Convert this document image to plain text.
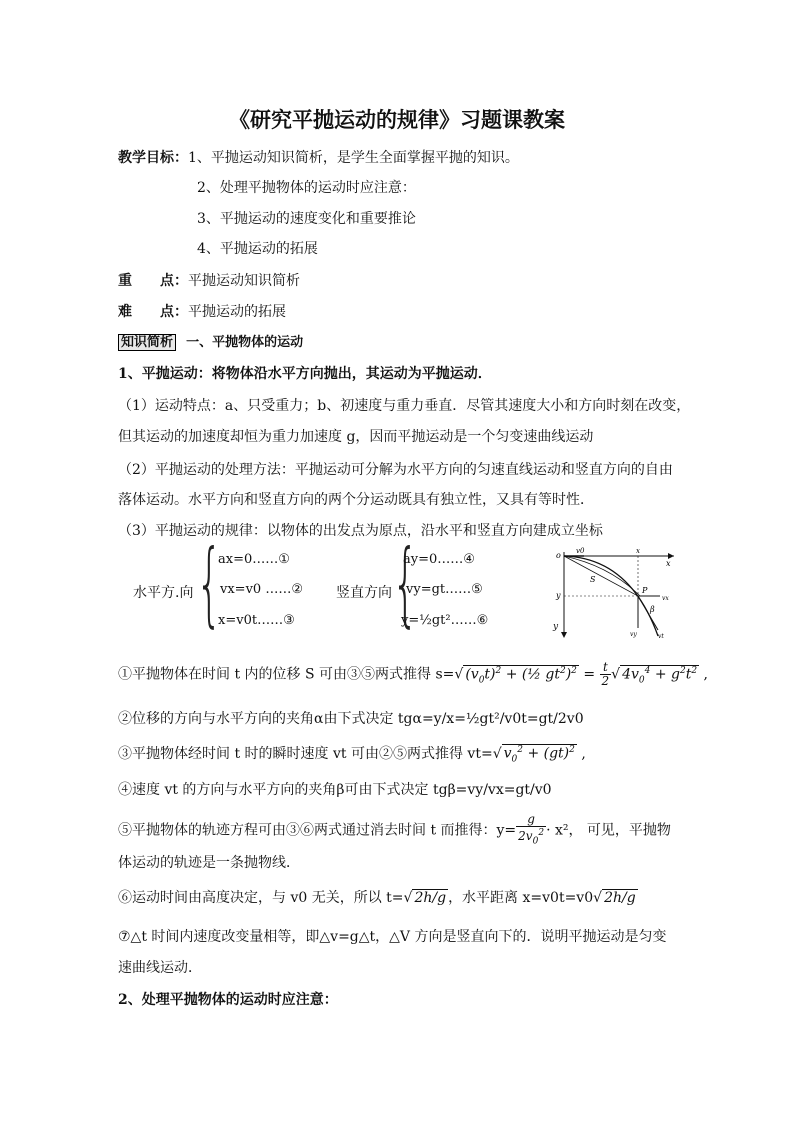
《研究平抛运动的规律》习题课教案
教学目标：1、平抛运动知识简析，是学生全面掌握平抛的知识。
2、处理平抛物体的运动时应注意：
3、平抛运动的速度变化和重要推论
4、平抛运动的拓展
重　　点：平抛运动知识简析
难　　点：平抛运动的拓展
知识简析 一、平抛物体的运动
1、平抛运动：将物体沿水平方向抛出，其运动为平抛运动．
（1）运动特点：a、只受重力；b、初速度与重力垂直．尽管其速度大小和方向时刻在改变，
但其运动的加速度却恒为重力加速度 g，因而平抛运动是一个匀变速曲线运动
（2）平抛运动的处理方法：平抛运动可分解为水平方向的匀速直线运动和竖直方向的自由
落体运动。水平方向和竖直方向的两个分运动既具有独立性，又具有等时性．
（3）平抛运动的规律：以物体的出发点为原点，沿水平和竖直方向建成立坐标
水平方.向 {
ax=0……①
vx=v0 ……②
x=v0t……③
竖直方向 {
ay=0……④
vy=gt……⑤
y=½gt²……⑥
o v0	x
x
S
P
vx
β
y
vy	vt
y
①平抛物体在时间 t 内的位移 S 可由③⑤两式推得 s=√ $(v_0t)^2$ + (½ $gt^2)^2 = \frac{t}{2}$ √ $4v_0^4 + g^2t^2$ ,
②位移的方向与水平方向的夹角α由下式决定 tgα=y/x=½gt²/v0t=gt/2v0
③平抛物体经时间 t 时的瞬时速度 vt 可由②⑤两式推得 vt=√ $v_0^2 + (gt)^2$ ,
④速度 vt 的方向与水平方向的夹角β可由下式决定 tgβ=vy/vx=gt/v0
⑤平抛物体的轨迹方程可由③⑥两式通过消去时间 t 而推得：$y= \frac{g}{2v_0^2} \cdot x^2$， 可见，平抛物
体运动的轨迹是一条抛物线．
⑥运动时间由高度决定，与 v0 无关，所以 t=√ 2h/g ，水平距离 x=v0t=v0√ 2h/g
⑦△t 时间内速度改变量相等，即△v=g△t，△V 方向是竖直向下的．说明平抛运动是匀变
速曲线运动．
2、处理平抛物体的运动时应注意：
